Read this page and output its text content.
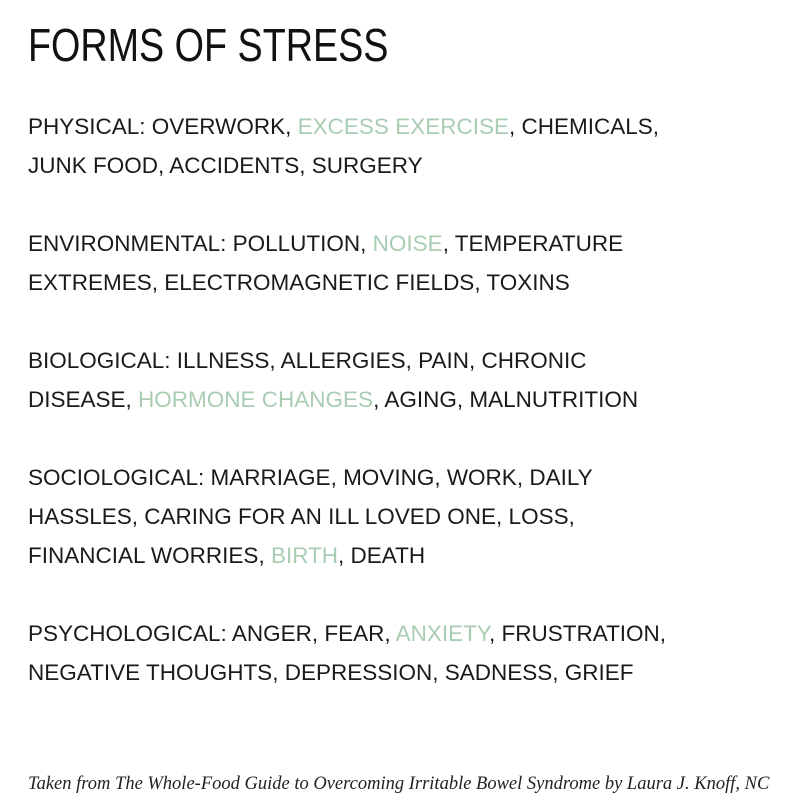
FORMS OF STRESS

PHYSICAL: OVERWORK, EXCESS EXERCISE, CHEMICALS,
JUNK FOOD, ACCIDENTS, SURGERY

ENVIRONMENTAL: POLLUTION, NOISE, TEMPERATURE
EXTREMES, ELECTROMAGNETIC FIELDS, TOXINS

BIOLOGICAL: ILLNESS, ALLERGIES, PAIN, CHRONIC
DISEASE, HORMONE CHANGES, AGING, MALNUTRITION

SOCIOLOGICAL: MARRIAGE, MOVING, WORK, DAILY
HASSLES, CARING FOR AN ILL LOVED ONE, LOSS,
FINANCIAL WORRIES, BIRTH, DEATH

PSYCHOLOGICAL: ANGER, FEAR, ANXIETY, FRUSTRATION,
NEGATIVE THOUGHTS, DEPRESSION, SADNESS, GRIEF

Taken from The Whole-Food Guide to Overcoming Irritable Bowel Syndrome by Laura J. Knoff, NC
